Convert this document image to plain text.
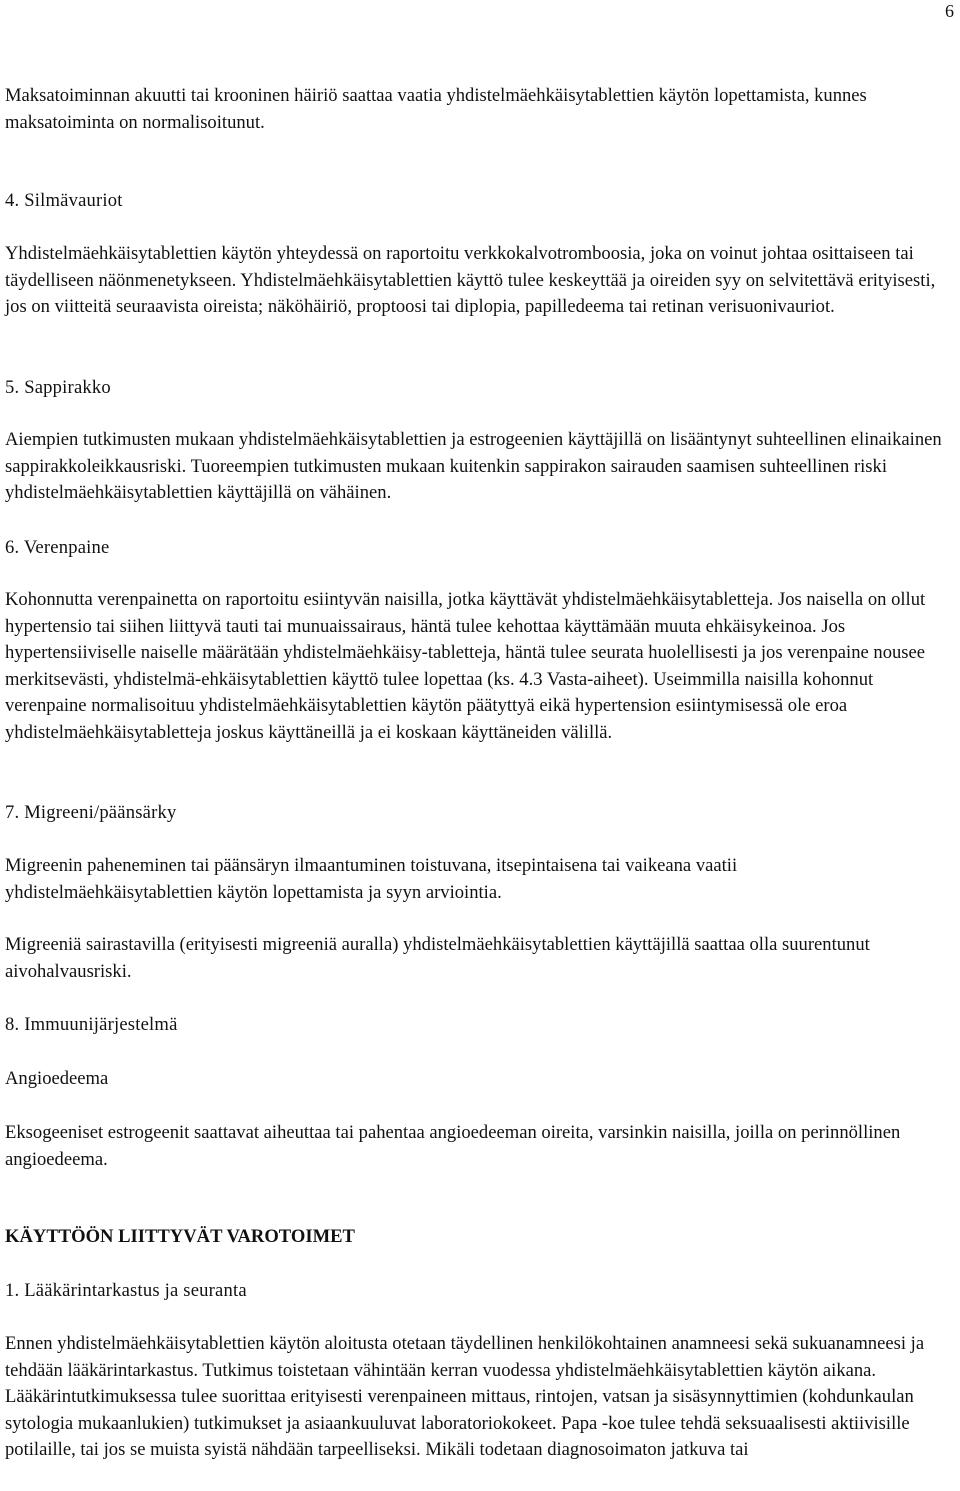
6

Maksatoiminnan akuutti tai krooninen häiriö saattaa vaatia yhdistelmäehkäisytablettien käytön lopettamista, kunnes maksatoiminta on normalisoitunut.

4. Silmävauriot

Yhdistelmäehkäisytablettien käytön yhteydessä on raportoitu verkkokalvotromboosia, joka on voinut johtaa osittaiseen tai täydelliseen näönmenetykseen. Yhdistelmäehkäisytablettien käyttö tulee keskeyttää ja oireiden syy on selvitettävä erityisesti, jos on viitteitä seuraavista oireista; näköhäiriö, proptoosi tai diplopia, papilledeema tai retinan verisuonivauriot.

5. Sappirakko

Aiempien tutkimusten mukaan yhdistelmäehkäisytablettien ja estrogeenien käyttäjillä on lisääntynyt suhteellinen elinaikainen sappirakkoleikkausriski. Tuoreempien tutkimusten mukaan kuitenkin sappirakon sairauden saamisen suhteellinen riski yhdistelmäehkäisytablettien käyttäjillä on vähäinen.

6. Verenpaine

Kohonnutta verenpainetta on raportoitu esiintyvän naisilla, jotka käyttävät yhdistelmäehkäisytabletteja. Jos naisella on ollut hypertensio tai siihen liittyvä tauti tai munuaissairaus, häntä tulee kehottaa käyttämään muuta ehkäisykeinoa. Jos hypertensiiviselle naiselle määrätään yhdistelmäehkäisy-tabletteja, häntä tulee seurata huolellisesti ja jos verenpaine nousee merkitsevästi, yhdistelmä-ehkäisytablettien käyttö tulee lopettaa (ks. 4.3 Vasta-aiheet). Useimmilla naisilla kohonnut verenpaine normalisoituu yhdistelmäehkäisytablettien käytön päätyttyä eikä hypertension esiintymisessä ole eroa yhdistelmäehkäisytabletteja joskus käyttäneillä ja ei koskaan käyttäneiden välillä.

7. Migreeni/päänsärky

Migreenin paheneminen tai päänsäryn ilmaantuminen toistuvana, itsepintaisena tai vaikeana vaatii yhdistelmäehkäisytablettien käytön lopettamista ja syyn arviointia.

Migreeniä sairastavilla (erityisesti migreeniä auralla) yhdistelmäehkäisytablettien käyttäjillä saattaa olla suurentunut aivohalvausriski.

8. Immuunijärjestelmä

Angioedeema

Eksogeeniset estrogeenit saattavat aiheuttaa tai pahentaa angioedeeman oireita, varsinkin naisilla, joilla on perinnöllinen angioedeema.

KÄYTTÖÖN LIITTYVÄT VAROTOIMET

1. Lääkärintarkastus ja seuranta

Ennen yhdistelmäehkäisytablettien käytön aloitusta otetaan täydellinen henkilökohtainen anamneesi sekä sukuanamneesi ja tehdään lääkärintarkastus. Tutkimus toistetaan vähintään kerran vuodessa yhdistelmäehkäisytablettien käytön aikana. Lääkärintutkimuksessa tulee suorittaa erityisesti verenpaineen mittaus, rintojen, vatsan ja sisäsynnyttimien (kohdunkaulan sytologia mukaanlukien) tutkimukset ja asiaankuuluvat laboratoriokokeet. Papa -koe tulee tehdä seksuaalisesti aktiivisille potilaille, tai jos se muista syistä nähdään tarpeelliseksi. Mikäli todetaan diagnosoimaton jatkuva tai
